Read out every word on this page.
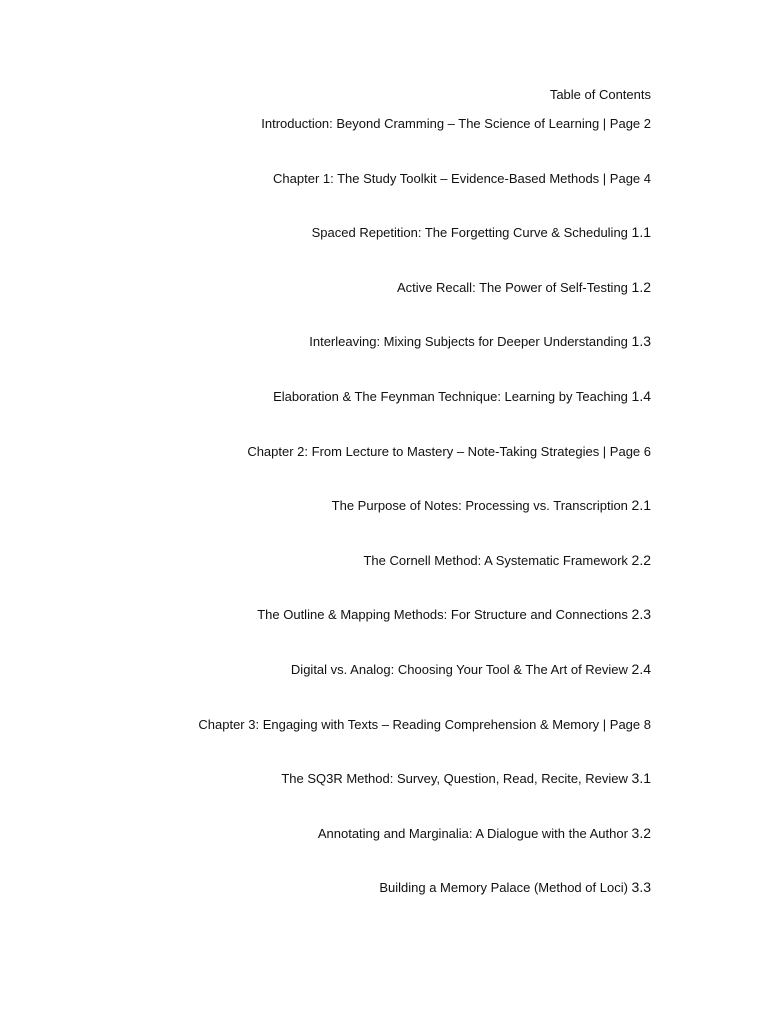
Table of Contents
Introduction: Beyond Cramming – The Science of Learning | Page 2
Chapter 1: The Study Toolkit – Evidence-Based Methods | Page 4
Spaced Repetition: The Forgetting Curve & Scheduling 1.1
Active Recall: The Power of Self-Testing 1.2
Interleaving: Mixing Subjects for Deeper Understanding 1.3
Elaboration & The Feynman Technique: Learning by Teaching 1.4
Chapter 2: From Lecture to Mastery – Note-Taking Strategies | Page 6
The Purpose of Notes: Processing vs. Transcription 2.1
The Cornell Method: A Systematic Framework 2.2
The Outline & Mapping Methods: For Structure and Connections 2.3
Digital vs. Analog: Choosing Your Tool & The Art of Review 2.4
Chapter 3: Engaging with Texts – Reading Comprehension & Memory | Page 8
The SQ3R Method: Survey, Question, Read, Recite, Review 3.1
Annotating and Marginalia: A Dialogue with the Author 3.2
Building a Memory Palace (Method of Loci) 3.3
